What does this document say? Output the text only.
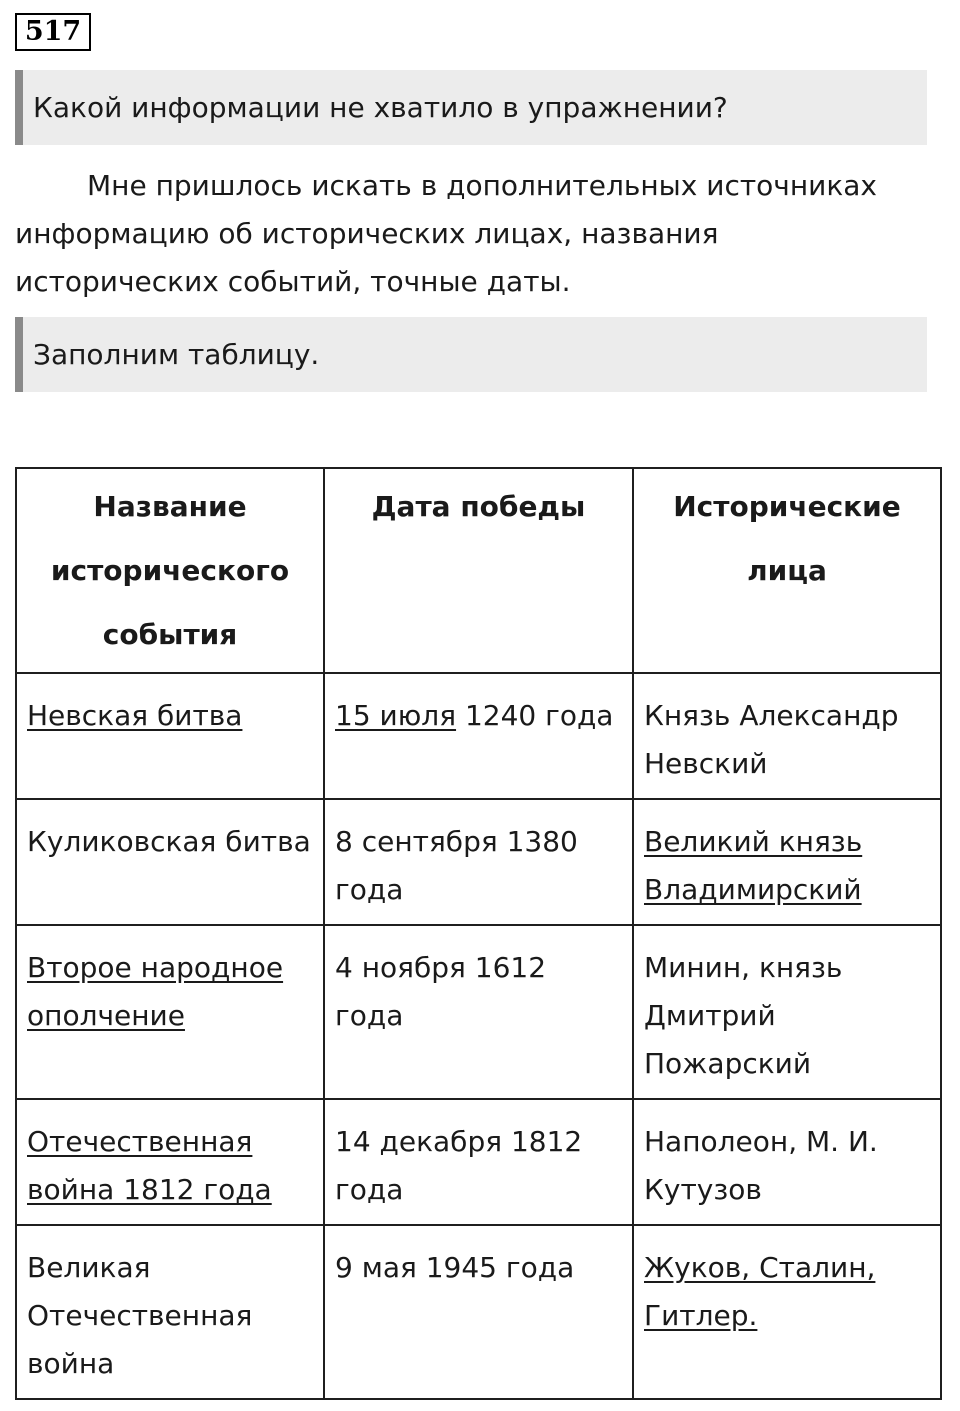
517
Какой информации не хватило в упражнении?

Мне пришлось искать в дополнительных источниках информацию об исторических лицах, названия исторических событий, точные даты.

Заполним таблицу.
Название исторического события	Дата победы	Исторические лица
Невская битва	15 июля 1240 года	Князь Александр Невский
Куликовская битва	8 сентября 1380 года	Великий князь Владимирский
Второе народное ополчение	4 ноября 1612 года	Минин, князь Дмитрий Пожарский
Отечественная война 1812 года	14 декабря 1812 года	Наполеон, М. И. Кутузов
Великая Отечественная война	9 мая 1945 года	Жуков, Сталин, Гитлер.
